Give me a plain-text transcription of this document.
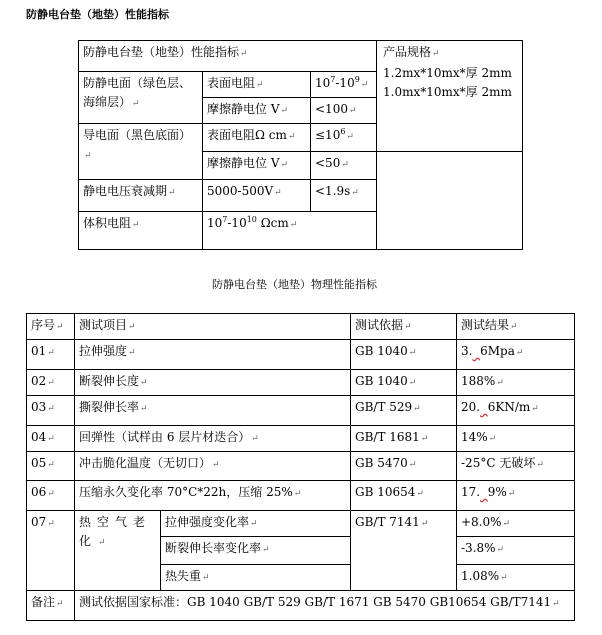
防静电台垫（地垫）性能指标
防静电台垫（地垫）性能指标↵			产品规格↵
1.2mx*10mx*厚 2mm
1.0mx*10mx*厚 2mm

防静电面（绿色层、海绵层）↵	表面电阻↵	$10^7-10^9↵$	
	摩擦静电位 V↵	<100↵	
导电面（黑色底面）↵	表面电阻Ω cm↵	$\le 10^6↵$	
	摩擦静电位 V↵	<50↵	
静电电压衰减期↵	5000-500V↵	<1.9s↵	
体积电阻↵	$10^7-10^{10}$ Ωcm↵		
防静电台垫（地垫）物理性能指标
序号↵	测试项目↵		测试依据↵	测试结果↵
01↵	拉伸强度↵		GB 1040↵	3. 6Mpa↵
02↵	断裂伸长度↵		GB 1040↵	188%↵
03↵	撕裂伸长率↵		GB/T 529↵	20. 6KN/m↵
04↵	回弹性（试样由 6 层片材迭合）↵		GB/T 1681↵	14%↵
05↵	冲击脆化温度（无切口）↵		GB 5470↵	-25°C 无破坏↵
06↵	压缩永久变化率 70°C*22h，压缩 25%↵		GB 10654↵	17. 9%↵
07↵	热空气老化↵	拉伸强度变化率↵	GB/T 7141↵	+8.0%↵
		断裂伸长率变化率↵		-3.8%↵
		热失重↵		1.08%↵
备注↵	测试依据国家标准：GB 1040 GB/T 529 GB/T 1671 GB 5470 GB10654 GB/T7141↵			
